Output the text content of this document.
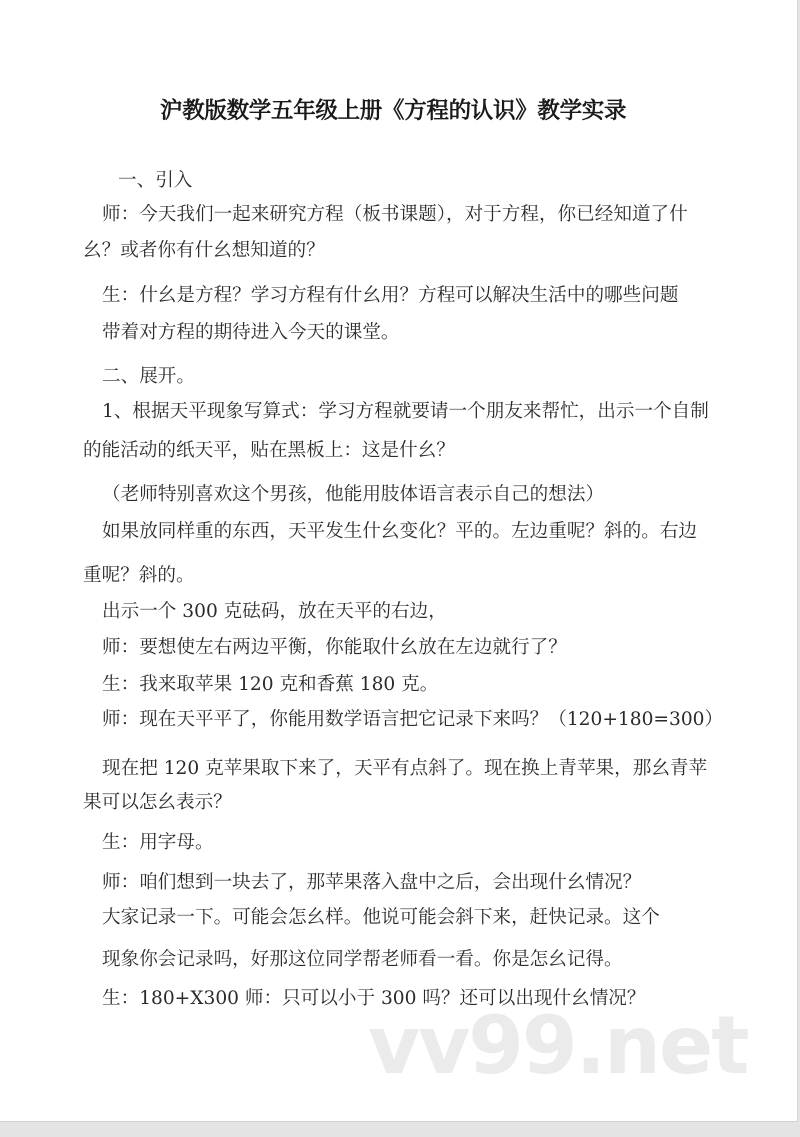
沪教版数学五年级上册《方程的认识》教学实录
一、引入
师：今天我们一起来研究方程（板书课题），对于方程，你已经知道了什
幺？或者你有什幺想知道的？
生：什幺是方程？学习方程有什幺用？方程可以解决生活中的哪些问题
带着对方程的期待进入今天的课堂。
二、展开。
1、根据天平现象写算式：学习方程就要请一个朋友来帮忙，出示一个自制
的能活动的纸天平，贴在黑板上：这是什幺？
（老师特别喜欢这个男孩，他能用肢体语言表示自己的想法）
如果放同样重的东西，天平发生什幺变化？平的。左边重呢？斜的。右边
重呢？斜的。
出示一个 300 克砝码，放在天平的右边，
师：要想使左右两边平衡，你能取什幺放在左边就行了？
生：我来取苹果 120 克和香蕉 180 克。
师：现在天平平了，你能用数学语言把它记录下来吗？（120+180=300）
现在把 120 克苹果取下来了，天平有点斜了。现在换上青苹果，那幺青苹
果可以怎幺表示？
生：用字母。
师：咱们想到一块去了，那苹果落入盘中之后，会出现什幺情况？
大家记录一下。可能会怎幺样。他说可能会斜下来，赶快记录。这个
现象你会记录吗，好那这位同学帮老师看一看。你是怎幺记得。
生：180+X300 师：只可以小于 300 吗？还可以出现什幺情况？
vv99.net
